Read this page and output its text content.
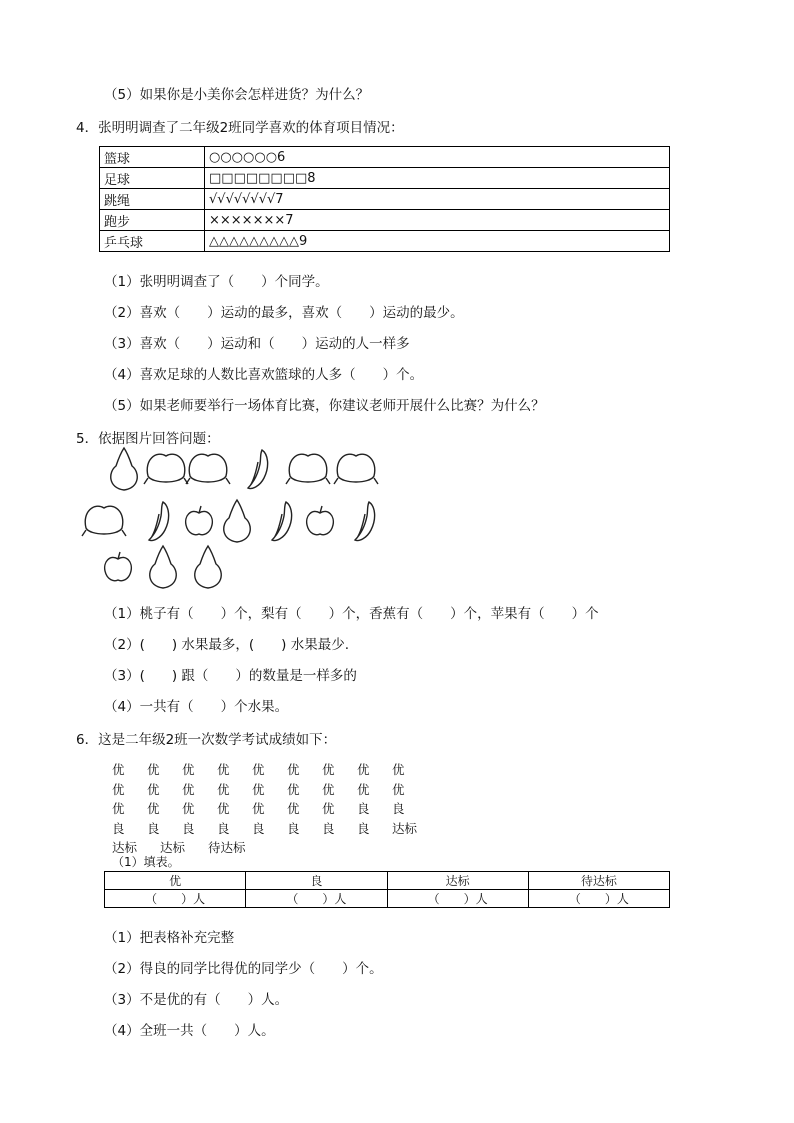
（5）如果你是小美你会怎样进货？为什么？
4．张明明调查了二年级2班同学喜欢的体育项目情况：
篮球	○○○○○○6
足球	□□□□□□□□8
跳绳	√√√√√√√√7
跑步	×××××××7
乒乓球	△△△△△△△△△9
（1）张明明调查了（　　）个同学。
（2）喜欢（　　）运动的最多，喜欢（　　）运动的最少。
（3）喜欢（　　）运动和（　　）运动的人一样多
（4）喜欢足球的人数比喜欢篮球的人多（　　）个。
（5）如果老师要举行一场体育比赛，你建议老师开展什么比赛？为什么？
5．依据图片回答问题：
（1）桃子有（　　）个，梨有（　　）个，香蕉有（　　）个，苹果有（　　）个
（2）(　　) 水果最多，(　　) 水果最少.
（3）(　　) 跟（　　）的数量是一样多的
（4）一共有（　　）个水果。
6．这是二年级2班一次数学考试成绩如下：
优 优 优 优 优 优 优 优 优
优 优 优 优 优 优 优 优 优
优 优 优 优 优 优 优 良 良
良 良 良 良 良 良 良 良 达标
达标 达标 待达标
（1）填表。
优	良	达标	待达标
（　　）人	（　　）人	（　　）人	（　　）人
（1）把表格补充完整
（2）得良的同学比得优的同学少（　　）个。
（3）不是优的有（　　）人。
（4）全班一共（　　）人。
